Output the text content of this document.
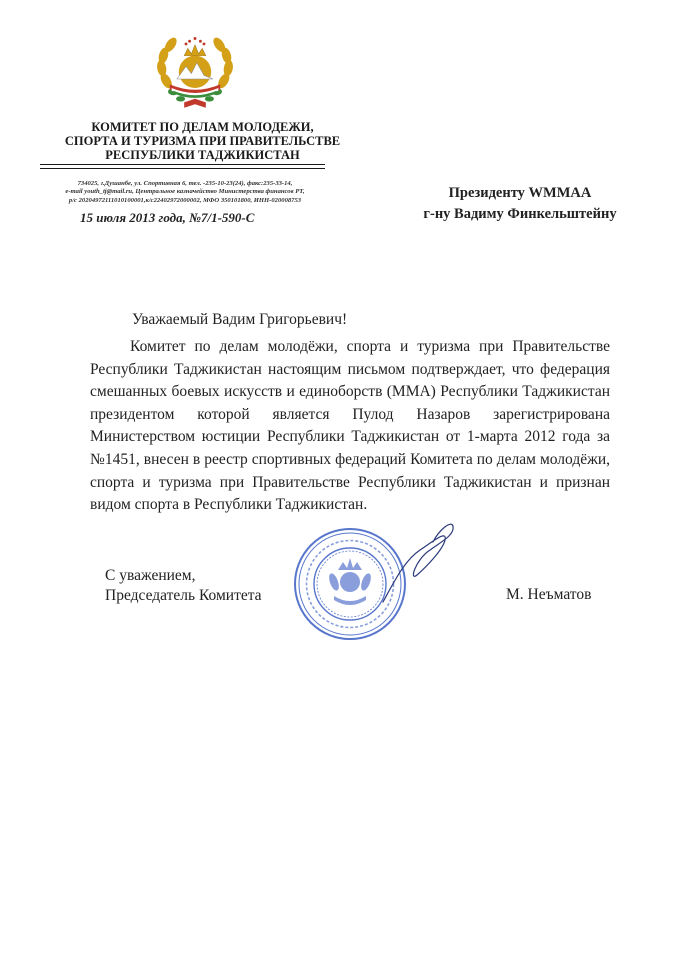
КОМИТЕТ ПО ДЕЛАМ МОЛОДЕЖИ,
СПОРТА И ТУРИЗМА ПРИ ПРАВИТЕЛЬСТВЕ
РЕСПУБЛИКИ ТАДЖИКИСТАН
734025, г.Душанбе, ул. Спортивная 6, тел. -235-10-23(24), факс:235-33-14,
e-mail youth_tj@mail.ru, Центральное казначейство Министерства финансов РТ,
р/с 20204972111010100001,к/с22402972000002, МФО 350101800, ИНН-020008753
15 июля 2013 года, №7/1-590-С
Президенту WMMAA
г-ну Вадиму Финкельштейну
Уважаемый Вадим Григорьевич!

Комитет по делам молодёжи, спорта и туризма при Правительстве Республики Таджикистан настоящим письмом подтверждает, что федерация смешанных боевых искусств и единоборств (ММА) Республики Таджикистан президентом которой является Пулод Назаров зарегистрирована Министерством юстиции Республики Таджикистан от 1-марта 2012 года за №1451, внесен в реестр спортивных федераций Комитета по делам молодёжи, спорта и туризма при Правительстве Республики Таджикистан и признан видом спорта в Республики Таджикистан.

С уважением,
Председатель Комитета	М. Неъматов
